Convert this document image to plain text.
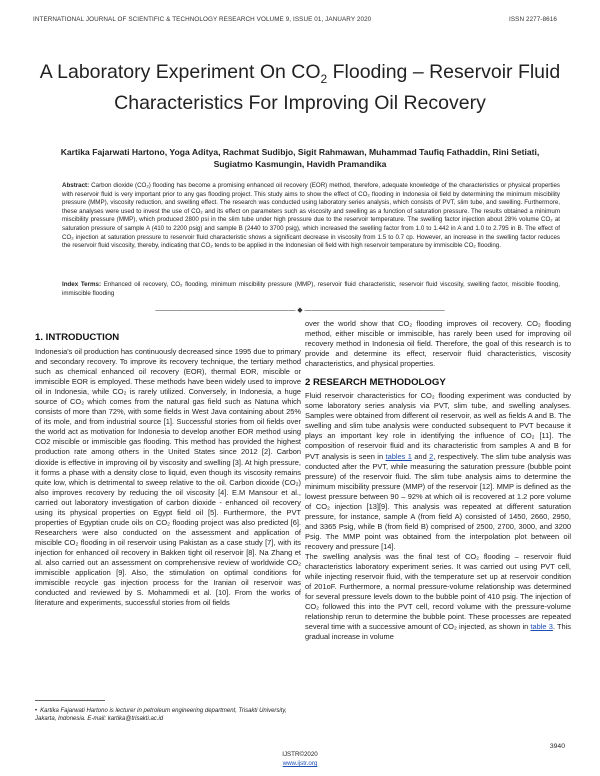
INTERNATIONAL JOURNAL OF SCIENTIFIC & TECHNOLOGY RESEARCH VOLUME 9, ISSUE 01, JANUARY 2020	ISSN 2277-8616
A Laboratory Experiment On $CO_2$ Flooding – Reservoir Fluid Characteristics For Improving Oil Recovery
Kartika Fajarwati Hartono, Yoga Aditya, Rachmat Sudibjo, Sigit Rahmawan, Muhammad Taufiq Fathaddin, Rini Setiati,
Sugiatmo Kasmungin, Havidh Pramandika
Abstract: Carbon dioxide (CO₂) flooding has become a promising enhanced oil recovery (EOR) method, therefore, adequate knowledge of the characteristics or physical properties with reservoir fluid is very important prior to any gas flooding project. This study aims to show the effect of CO₂ flooding in Indonesia oil field by determining the minimum miscibility pressure (MMP), viscosity reduction, and swelling effect. The research was conducted using laboratory series analysis, which consists of PVT, slim tube, and swelling. Furthermore, these analyses were used to invest the use of CO₂ and its effect on parameters such as viscosity and swelling as a function of saturation pressure. The results obtained a minimum miscibility pressure (MMP), which produced 2800 psi in the slim tube under high pressure due to the reservoir temperature. The swelling factor injection about 28% volume CO₂ at saturation pressure of sample A (410 to 2200 psig) and sample B (2440 to 3700 psig), which increased the swelling factor from 1.0 to 1.442 in A and 1.0 to 2.795 in B. The effect of CO₂ injection at saturation pressure to reservoir fluid characteristic shows a significant decrease in viscosity from 1.5 to 0.7 cp. However, an increase in the swelling factor reduces the reservoir fluid viscosity, thereby, indicating that CO₂ tends to be applied in the Indonesian oil field with high reservoir temperature by immiscible CO₂ flooding.
Index Terms: Enhanced oil recovery, CO₂ flooding, minimum miscibility pressure (MMP), reservoir fluid characteristic, reservoir fluid viscosity, swelling factor, miscible flooding, immiscible flooding
———————————————————— ◆ ————————————————————

1. INTRODUCTION

Indonesia's oil production has continuously decreased since 1995 due to primary and secondary recovery. To improve its recovery technique, the tertiary method such as chemical enhanced oil recovery (EOR), thermal EOR, miscible or immiscible EOR is employed. These methods have been widely used to improve oil in Indonesia, while CO₂ is rarely utilized. Conversely, in Indonesia, a huge source of CO₂ which comes from the natural gas field such as Natuna which consists of more than 72%, with some fields in West Java containing about 25% of its mole, and from industrial source [1]. Successful stories from oil fields over the world act as motivation for Indonesia to develop another EOR method using CO2 miscible or immiscible gas flooding. This method has provided the highest production rate among others in the United States since 2012 [2]. Carbon dioxide is effective in improving oil by viscosity and swelling [3]. At high pressure, it forms a phase with a density close to liquid, even though its viscosity remains quite low, which is detrimental to sweep relative to the oil. Carbon dioxide (CO₂) also improves recovery by reducing the oil viscosity [4]. E.M Mansour et al., carried out laboratory investigation of carbon dioxide - enhanced oil recovery using its physical properties on Egypt field oil [5]. Furthermore, the PVT properties of Egyptian crude oils on CO₂ flooding project was also predicted [6]. Researchers were also conducted on the assessment and application of miscible CO₂ flooding in oil reservoir using Pakistan as a case study [7], with its injection for enhanced oil recovery in Bakken tight oil reservoir [8]. Na Zhang et al. also carried out an assessment on comprehensive review of worldwide CO₂ immiscible application [9]. Also, the stimulation on optimal conditions for immiscible recycle gas injection process for the Iranian oil reservoir was conducted and reviewed by S. Mohammedi et al. [10]. From the works of literature and experiments, successful stories from oil fields

over the world show that CO₂ flooding improves oil recovery. CO₂ flooding method, either miscible or immiscible, has rarely been used for improving oil recovery method in Indonesia oil field. Therefore, the goal of this research is to provide and determine its effect, reservoir fluid characteristics, viscosity characteristics, and physical properties.

2 RESEARCH METHODOLOGY

Fluid reservoir characteristics for CO₂ flooding experiment was conducted by some laboratory series analysis via PVT, slim tube, and swelling analyses. Samples were obtained from different oil reservoir, as well as fields A and B. The swelling and slim tube analysis were conducted subsequent to PVT because it plays an important key role in identifying the influence of CO₂ [11]. The composition of reservoir fluid and its characteristic from samples A and B for PVT analysis is seen in tables 1 and 2, respectively. The slim tube analysis was conducted after the PVT, while measuring the saturation pressure (bubble point pressure) of the reservoir fluid. The slim tube analysis aims to determine the minimum miscibility pressure (MMP) of the reservoir [12]. MMP is defined as the lowest pressure between 90 – 92% at which oil is recovered at 1.2 pore volume of CO₂ injection [13][9]. This analysis was repeated at different saturation pressure, for instance, sample A (from field A) consisted of 1450, 2660, 2950, and 3365 Psig, while B (from field B) comprised of 2500, 2700, 3000, and 3200 Psig. The MMP point was obtained from the interpolation plot between oil recovery and pressure [14].

The swelling analysis was the final test of CO₂ flooding – reservoir fluid characteristics laboratory experiment series. It was carried out using PVT cell, while injecting reservoir fluid, with the temperature set up at reservoir condition of 201oF. Furthermore, a normal pressure-volume relationship was determined for several pressure levels down to the bubble point of 410 psig. The injection of CO₂ followed this into the PVT cell, record volume with the pressure-volume relationship rerun to determine the bubble point. These processes are repeated several time with a successive amount of CO₂ injected, as shown in table 3. This gradual increase in volume

• Kartika Fajarwati Hartono is lecturer in petroleum engineering department, Trisakti University, Jakarta, Indonesia. E-mail: kartika@trisakti.ac.id
3940
IJSTR©2020
www.ijstr.org
